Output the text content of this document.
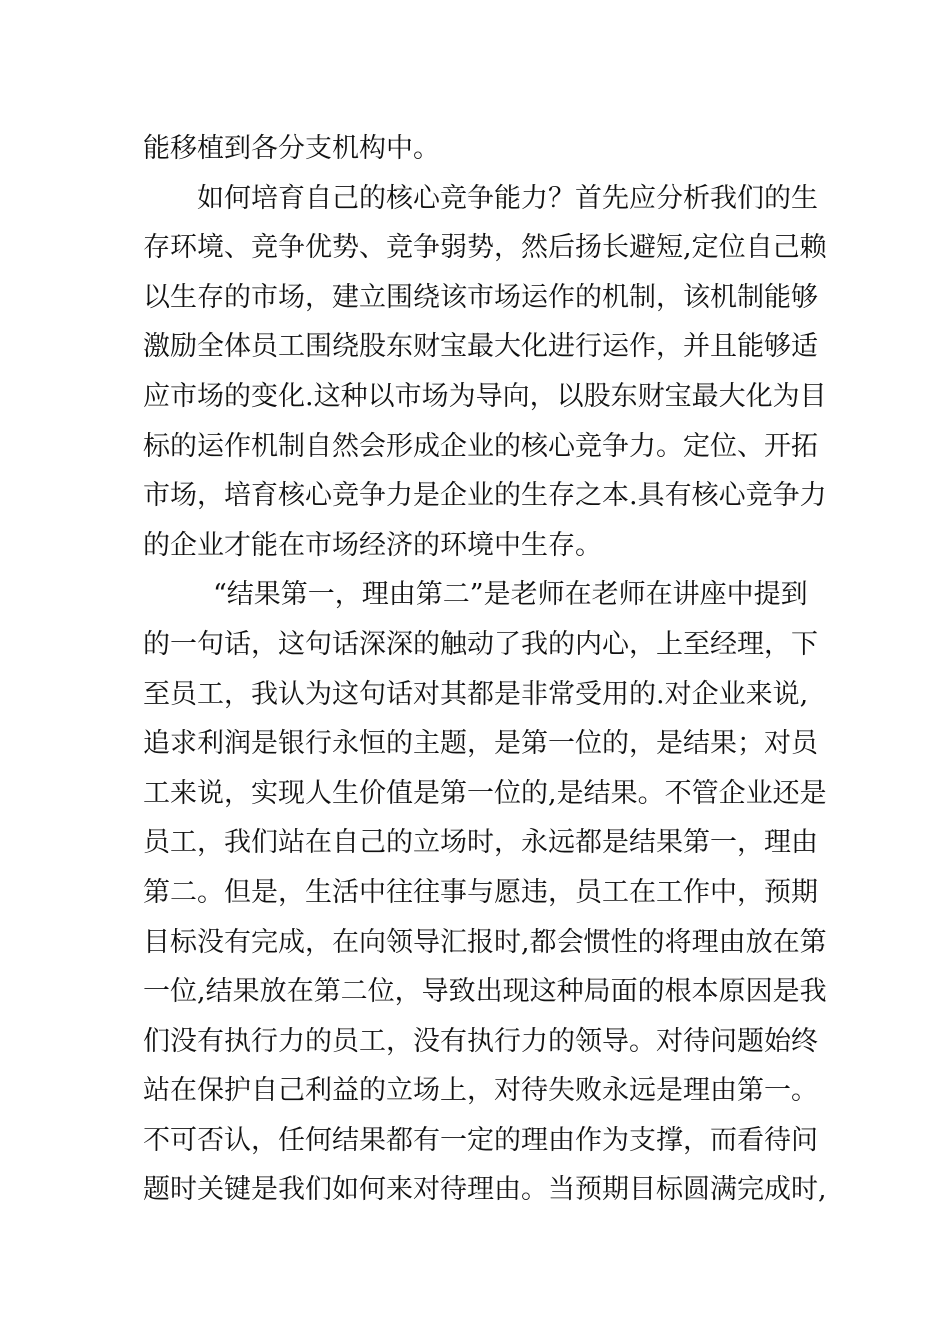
能移植到各分支机构中。
如何培育自己的核心竞争能力？首先应分析我们的生
存环境、竞争优势、竞争弱势，然后扬长避短,定位自己赖
以生存的市场，建立围绕该市场运作的机制，该机制能够
激励全体员工围绕股东财宝最大化进行运作，并且能够适
应市场的变化.这种以市场为导向，以股东财宝最大化为目
标的运作机制自然会形成企业的核心竞争力。定位、开拓
市场，培育核心竞争力是企业的生存之本.具有核心竞争力
的企业才能在市场经济的环境中生存。
“结果第一，理由第二”是老师在老师在讲座中提到
的一句话，这句话深深的触动了我的内心，上至经理，下
至员工，我认为这句话对其都是非常受用的.对企业来说,
追求利润是银行永恒的主题，是第一位的，是结果；对员
工来说，实现人生价值是第一位的,是结果。不管企业还是
员工，我们站在自己的立场时，永远都是结果第一，理由
第二。但是，生活中往往事与愿违，员工在工作中，预期
目标没有完成，在向领导汇报时,都会惯性的将理由放在第
一位,结果放在第二位，导致出现这种局面的根本原因是我
们没有执行力的员工，没有执行力的领导。对待问题始终
站在保护自己利益的立场上，对待失败永远是理由第一。
不可否认，任何结果都有一定的理由作为支撑，而看待问
题时关键是我们如何来对待理由。当预期目标圆满完成时,
